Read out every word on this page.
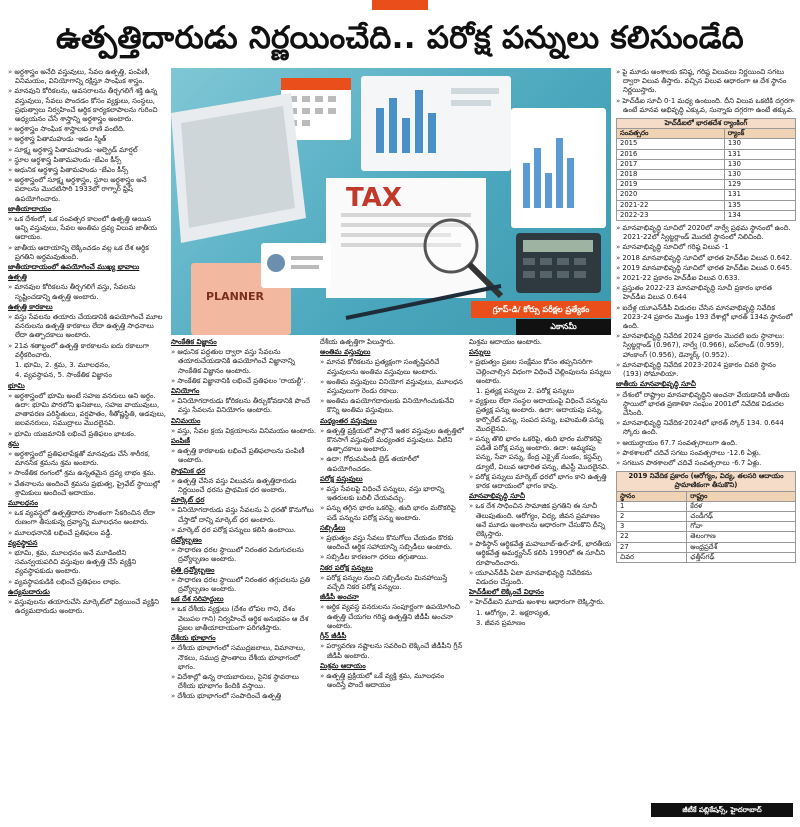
ఉత్పత్తిదారుడు నిర్ణయించేది.. పరోక్ష పన్నులు కలిసుండేది

» అర్థశాస్త్రం అనేది వస్తువులు, సేవల ఉత్పత్తి, పంపిణీ, వినిమయం, వినియోగాన్ని రక్షిస్తూ సాంఘిక శాస్త్రం.

» మానవుని కోరికలను, అవసరాలను తీర్చగలిగే శక్తి ఉన్న వస్తువులు, సేవలు పొందడం కోసం వ్యక్తులు, సంస్థలు, ప్రభుత్వాలు నిర్వహించే ఆర్థిక కార్యకలాపాలను గురించి అధ్యయనం చేసే శాస్త్రాన్ని అర్థశాస్త్రం అంటారు.

» అర్థశాస్త్రం సాంఘిక శాస్త్రాలకు రాణి వంటిది.

» అర్థశాస్త్ర పితామహుడు -ఆడం స్మిత్‌

» సూక్ష్మ అర్థశాస్త్ర పితామహుడు -ఆల్ఫ్రెడ్‌ మార్షల్‌

» స్థూల అర్థశాస్త్ర పితామహుడు -జేఎం కీన్స్‌

» ఆధునిక అర్థశాస్త్ర పితామహుడు -జేఎం కీన్స్‌

» అర్థశాస్త్రంలో సూక్ష్మ అర్థశాస్త్రం, స్థూల అర్థశాస్త్రం అనే పదాలను మొదటిసారి 1933లో రాగ్నార్‌ ఫ్రిష్‌ ఉపయోగించారు.

జాతీయాదాయం

» ఒక దేశంలో, ఒక సంవత్సర కాలంలో ఉత్పత్తి అయిన అన్ని వస్తువులు, సేవల అంతిమ ద్రవ్య విలువ జాతీయ ఆదాయం.

» జాతీయ ఆదాయాన్ని లెక్కించడం వల్ల ఒక దేశ ఆర్థిక ప్రగతిని అర్థమవుతుంది.

జాతీయాదాయంలో ఉపయోగించే ముఖ్య భావాలు

ఉత్పత్తి

» మానవుల కోరికలను తీర్చగలిగే వస్తు, సేవలను సృష్టించడాన్ని ఉత్పత్తి అంటారు.

ఉత్పత్తి కారకాలు

» వస్తు సేవలను తయారు చేయడానికి ఉపయోగించే మూల వనరులను ఉత్పత్తి కారకాలు లేదా ఉత్పత్తి సాధనాలు లేదా ఉత్పాదకాలు అంటారు.

» 21వ శతాబ్దంలో ఉత్పత్తి కారకాలను ఐదు రకాలుగా వర్గీకరించారు.

1. భూమి, 2. శ్రమ, 3. మూలధనం,

4. వ్యవస్థాపన, 5. సాంకేతిక విజ్ఞానం

భూమి

» అర్థశాస్త్రంలో భూమి అంటే సహజ వనరులు అని అర్థం. ఉదా: భూమి పొరలోని ఖనిజాలు, సహజ వాయువులు, వాతావరణ పరిస్థితులు, వర్షపాతం, శీతోష్ణస్థితి, అడవులు, జలవనరులు, సముద్రాలు మొదలైనవి.

» భూమి యజమానికి లభించే ప్రతిఫలం భాటకం.

శ్రమ

» అర్థశాస్త్రంలో ప్రతిఫలాపేక్షతో మానవుడు చేసే శారీరక, మానసిక శ్రమను శ్రమ అంటారు.

» సాంకేతిక రంగంలో శ్రమ ఉన్నతమైన ద్రవ్య లాభం శ్రమ.

» వేతనాలను అందించే శ్రమను ప్రభుత్వ, ప్రైవేట్‌ స్థాయిల్లో శ్రామికులు అందించే ఆదాయం.

మూలధనం

» ఒక వ్యవస్థలో ఉత్పత్తిదారు సొంతంగా సేకరించిన లేదా రుణంగా తీసుకున్న ద్రవ్యాన్ని మూలధనం అంటారు.

» మూలధనానికి లభించే ప్రతిఫలం వడ్డీ.

వ్యవస్థాపన

» భూమి, శ్రమ, మూలధనం అనే మూడింటిని సమన్వయపరిచి వస్తువుల ఉత్పత్తి చేసే వ్యక్తిని వ్యవస్థాపకుడు అంటారు.

» వ్యవస్థాపకుడికి లభించే ప్రతిఫలం లాభం.

ఉద్యమదారుడు

» వస్తువులను తయారుచేసి మార్కెట్‌లో విక్రయించే వ్యక్తిని ఉద్యమదారుడు అంటారు.

TAX
PLANNER
గ్రూప్‌-డి/ కోర్సు పరీక్షల ప్రత్యేకం
ఎకానమీ

సాంకేతిక విజ్ఞానం

» ఆధునిక పద్ధతుల ద్వారా వస్తు సేవలను తయారుచేయడానికి ఉపయోగించే విజ్ఞానాన్ని సాంకేతిక విజ్ఞానం అంటారు.

» సాంకేతిక విజ్ఞానానికి లభించే ప్రతిఫలం 'రాయల్టీ'.

వినియోగం

» వినియోగదారుడు కోరికలను తీర్చుకోవడానికి పొందే వస్తు సేవలను వినియోగం అంటారు.

వినిమయం

» వస్తు, సేవల క్రయ విక్రయాలను వినిమయం అంటారు.

పంపిణీ

» ఉత్పత్తి కారకాలకు లభించే ప్రతిఫలాలను పంపిణీ అంటారు.

ప్రాథమిక ధర

» ఉత్పత్తి చేసిన వస్తు విలువను ఉత్పత్తిదారుడు నిర్ణయించే ధరను ప్రాథమిక ధర అంటారు.

మార్కెట్‌ ధర

» వినియోగదారుడు వస్తు సేవలను ఏ ధరతో కొనుగోలు చేస్తాడో దాన్ని మార్కెట్‌ ధర అంటారు.

» మార్కెట్‌ ధర పరోక్ష పన్నులు కలిసి ఉంటాయి.

ద్రవ్యోల్బణం

» సాధారణ ధరల స్థాయిలో నిరంతర పెరుగుదలను ద్రవ్యోల్బణం అంటారు.

ప్రతి ద్రవ్యోల్బణం

» సాధారణ ధరల స్థాయిలో నిరంతర తగ్గుదలను ప్రతి ద్రవ్యోల్బణం అంటారు.

ఒక దేశ సరిహద్దులు

» ఒక దేశీయ వ్యక్తులు (దేశం లోపల గాని, దేశం వెలుపల గాని) నిర్వహించే ఆర్థిక అనుభవం ఆ దేశ ప్రజల జాతీయాదాయంగా పరిగణిస్తారు.

దేశీయ భూభాగం

» దేశీయ భూభాగంలో సముద్రజలాలు, విమానాలు, నౌకలు, సముద్ర ప్రాంతాలు దేశీయ భూభాగంలో భాగం.

» విదేశాల్లో ఉన్న రాయబారులు, సైనిక స్థావరాలు దేశీయ భూభాగం కిందికి వస్తాయి.

» దేశీయ భూభాగంలో సంపాదించే ఉత్పత్తి

దేశీయ ఉత్పత్తిగా పిలుస్తారు.

అంతిమ వస్తువులు

» మానవ కోరికలను ప్రత్యక్షంగా సంతృప్తిపరిచే వస్తువులను అంతిమ వస్తువులు అంటారు.

» అంతిమ వస్తువులు వినియోగ వస్తువులు, మూలధన వస్తువులుగా రెండు రకాలు.

» అంతిమ ఉపయోగదారులకు వినియోగించుకునేవి కొన్ని అంతిమ వస్తువులు.

మధ్యంతర వస్తువులు

» ఉత్పత్తి ప్రక్రియలో పాల్గొనే ఇతర వస్తువుల ఉత్పత్తిలో కొనసాగే వస్తువులే మధ్యంతర వస్తువులు. వీటిని ఉత్పాదకాలు అంటారు.

» ఉదా: గోధుమపిండి బ్రెడ్‌ తయారీలో ఉపయోగించడం.

పరోక్ష వస్తువులు

» వస్తు సేవలపై విధించే పన్నులు, వస్తు భారాన్ని ఇతరులకు బదిలీ చేయవచ్చు.

» పన్ను తగ్గిన భారం ఒకరిపై, తుది భారం మరొకరిపై పడే పన్నును పరోక్ష పన్ను అంటారు.

సబ్సిడీలు

» ప్రభుత్వం వస్తు సేవలు కొనుగోలు చేయడం కొరకు అందించే ఆర్థిక సహాయాన్ని సబ్సిడీలు అంటారు.

» సబ్సిడీల కారణంగా ధరలు తగ్గుతాయి.

నికర పరోక్ష పన్నులు

» పరోక్ష పన్నుల నుంచి సబ్సిడీలను మినహాయిస్తే వచ్చేది నికర పరోక్ష పన్నులు.

జీడీపీ అంచనా

» ఆర్థిక వ్యవస్థ వనరులను సంపూర్ణంగా ఉపయోగించి ఉత్పత్తి చేయగల గరిష్ఠ ఉత్పత్తిని జీడీపీ అంచనా అంటారు.

గ్రీన్‌ జీడీపీ

» పర్యావరణ నష్టాలను సవరించి లెక్కించే జీడీపీని గ్రీన్‌ జీడీపీ అంటారు.

మిశ్రమ ఆదాయం

» ఉత్పత్తి ప్రక్రియలో ఒకే వ్యక్తి శ్రమ, మూలధనం అందిస్తే పొందే ఆదాయం

మిశ్రమ ఆదాయం అంటారు.

పన్నులు

» ప్రభుత్వం ప్రజల సంక్షేమం కోసం తప్పనిసరిగా చెల్లించాల్సిన విధంగా విధించే చెల్లింపులను పన్నులు అంటారు.

1. ప్రత్యక్ష పన్నులు 2. పరోక్ష పన్నులు

» వ్యక్తులు లేదా సంస్థల ఆదాయంపై విధించే పన్నును ప్రత్యక్ష పన్ను అంటారు. ఉదా: ఆదాయపు పన్ను, కార్పొరేట్‌ పన్ను, సంపద పన్ను, బహుమతి పన్ను మొదలైనవి.

» పన్ను తొలి భారం ఒకరిపై, తుది భారం మరొకరిపై పడితే పరోక్ష పన్ను అంటారు. ఉదా: అమ్మకపు పన్ను, సేవా పన్ను, కేంద్ర ఎక్సైజ్‌ సుంకం, కస్టమ్స్‌ డ్యూటీ, విలువ ఆధారిత పన్ను, జీఎస్టీ మొదలైనవి.

» పరోక్ష పన్నులు మార్కెట్‌ ధరలో భాగం కాని ఉత్పత్తి కారక ఆదాయంలో భాగం కావు.

మానవాభివృద్ధి సూచీ

» ఒక దేశ సాధించిన సామాజిక ప్రగతిని ఈ సూచీ తెలుపుతుంది. ఆరోగ్యం, విద్య, జీవన ప్రమాణం అనే మూడు అంశాలను ఆధారంగా చేసుకొని దీన్ని లెక్కిస్తారు.

» పాకిస్థాన్‌ ఆర్థికవేత్త మహబూబ్‌-ఉల్‌-హక్‌, భారతీయ ఆర్థికవేత్త అమర్త్యసేన్‌ కలిసి 1990లో ఈ సూచీని రూపొందించారు.

» యూఎన్‌డీపీ ఏటా మానవాభివృద్ధి నివేదికను విడుదల చేస్తుంది.

హెచ్‌డీఐలో లెక్కించే విధానం

» హెచ్‌డీఐని మూడు అంశాల ఆధారంగా లెక్కిస్తారు.

1. ఆరోగ్యం, 2. అక్షరాస్యత,

3. జీవన ప్రమాణం

» పై మూడు అంశాలకు కనిష్ఠ, గరిష్ఠ విలువలు నిర్ణయించి సగటు ద్వారా విలువ తీస్తారు. వచ్చిన విలువ ఆధారంగా ఆ దేశ స్థానం నిర్ణయిస్తారు.

» హెచ్‌డీఐ సూచీ 0-1 మధ్య ఉంటుంది. దీని విలువ ఒకటికి దగ్గరగా ఉంటే మానవ అభివృద్ధి ఎక్కువ, సున్నాకు దగ్గరగా ఉంటే తక్కువ.

హెచ్‌డీఐలో భారతదేశ ర్యాంకింగ్‌	
సంవత్సరం	ర్యాంక్‌
2015	130
2016	131
2017	130
2018	130
2019	129
2020	131
2021-22	135
2022-23	134

» మానవాభివృద్ధి సూచిలో 2020లో నార్వే ప్రథమ స్థానంలో ఉంది. 2021-22లో స్విట్జర్లాండ్‌ మొదటి స్థానంలో నిలిచింది.

» మానవాభివృద్ధి సూచిలో గరిష్ఠ విలువ -1

» 2018 మానవాభివృద్ధి సూచిలో భారత హెచ్‌డీఐ విలువ 0.642.

» 2019 మానవాభివృద్ధి సూచిలో భారత హెచ్‌డీఐ విలువ 0.645.

» 2021-22 ప్రకారం హెచ్‌డీఐ విలువ 0.633.

» ప్రస్తుతం 2022-23 మానవాభివృద్ధి సూచీ ప్రకారం భారత హెచ్‌డీఐ విలువ 0.644

» ఐదేళ్ల యూఎన్‌డీపీ విడుదల చేసిన మానవాభివృద్ధి నివేదిక 2023-24 ప్రకారం మొత్తం 193 దేశాల్లో భారత్‌ 134వ స్థానంలో ఉంది.

» మానవాభివృద్ధి నివేదిక 2024 ప్రకారం మొదటి ఐదు స్థానాలు: స్విట్జర్లాండ్‌ (0.967), నార్వే (0.966), ఐస్‌లాండ్‌ (0.959), హాంకాంగ్‌ (0.956), డెన్మార్క్‌ (0.952).

» మానవాభివృద్ధి నివేదిక 2023-2024 ప్రకారం చివరి స్థానం (193) సోమాలియా.

జాతీయ మానవాభివృద్ధి సూచీ

» దేశంలో రాష్ట్రాల మానవాభివృద్ధిని అంచనా వేయడానికి జాతీయ స్థాయిలో భారత ప్రణాళికా సంఘం 2001లో నివేదిక విడుదల చేసింది.

» మానవాభివృద్ధి నివేదిక-2024లో భారత్‌ స్కోర్‌ 134. 0.644 స్కోరు ఉంది.

» ఆయుర్దాయం 67.7 సంవత్సరాలుగా ఉంది.

» పాఠశాలలో చదివే సగటు సంవత్సరాలు -12.6 ఏళ్లు.

» సగటున పాఠశాలలో చదివే సంవత్సరాలు -6.7 ఏళ్లు.

2019 నివేదిక ప్రకారం (ఆరోగ్యం, విద్య, తలసరి ఆదాయం ప్రామాణికంగా తీసుకొని)	
స్థానం	రాష్ట్రం
1	కేరళ
2	చండీగఢ్‌
3	గోవా
22	తెలంగాణ
27	ఆంధ్రప్రదేశ్‌
చివర	ఛత్తీస్‌గఢ్‌
జీటీకే పబ్లికేషన్స్‌, హైదరాబాద్‌
